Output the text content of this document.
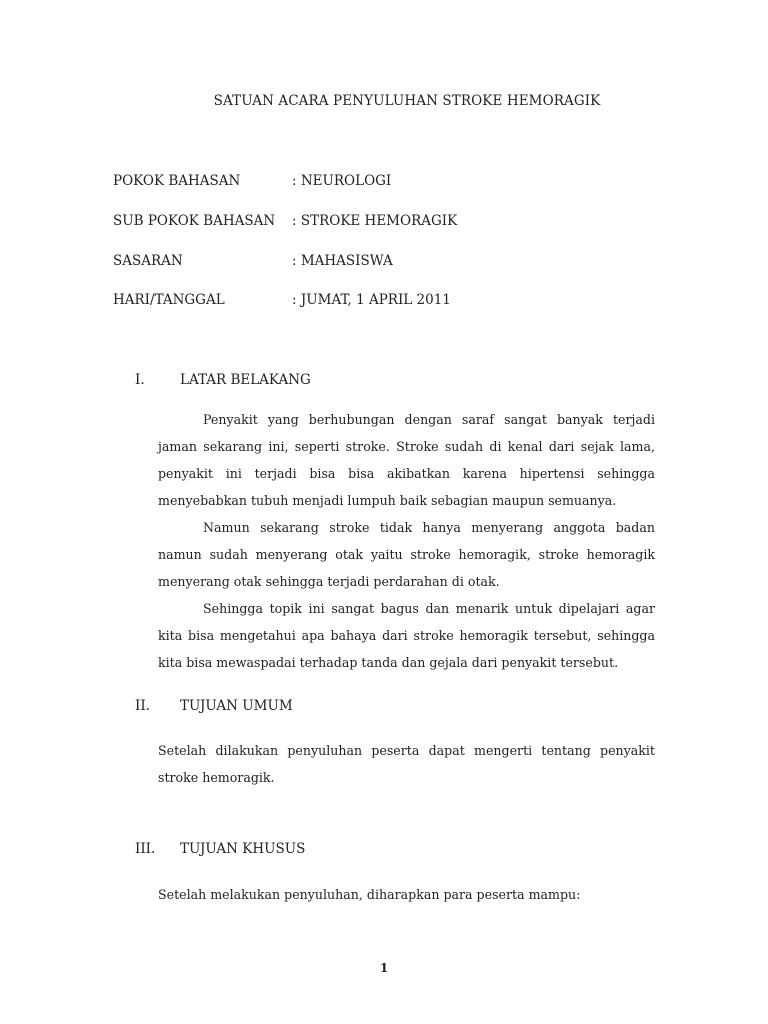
SATUAN ACARA PENYULUHAN STROKE HEMORAGIK
POKOK BAHASAN	: NEUROLOGI
SUB POKOK BAHASAN : STROKE HEMORAGIK
SASARAN	: MAHASISWA
HARI/TANGGAL	: JUMAT, 1 APRIL 2011
I.	LATAR BELAKANG
Penyakit yang berhubungan dengan saraf sangat banyak terjadi jaman sekarang ini, seperti stroke. Stroke sudah di kenal dari sejak lama, penyakit ini terjadi bisa bisa akibatkan karena hipertensi sehingga menyebabkan tubuh menjadi lumpuh baik sebagian maupun semuanya.
Namun sekarang stroke tidak hanya menyerang anggota badan namun sudah menyerang otak yaitu stroke hemoragik, stroke hemoragik menyerang otak sehingga terjadi perdarahan di otak.
Sehingga topik ini sangat bagus dan menarik untuk dipelajari agar kita bisa mengetahui apa bahaya dari stroke hemoragik tersebut, sehingga kita bisa mewaspadai terhadap tanda dan gejala dari penyakit tersebut.
II. TUJUAN UMUM
Setelah dilakukan penyuluhan peserta dapat mengerti tentang penyakit stroke hemoragik.
III. TUJUAN KHUSUS
Setelah melakukan penyuluhan, diharapkan para peserta mampu:
1
